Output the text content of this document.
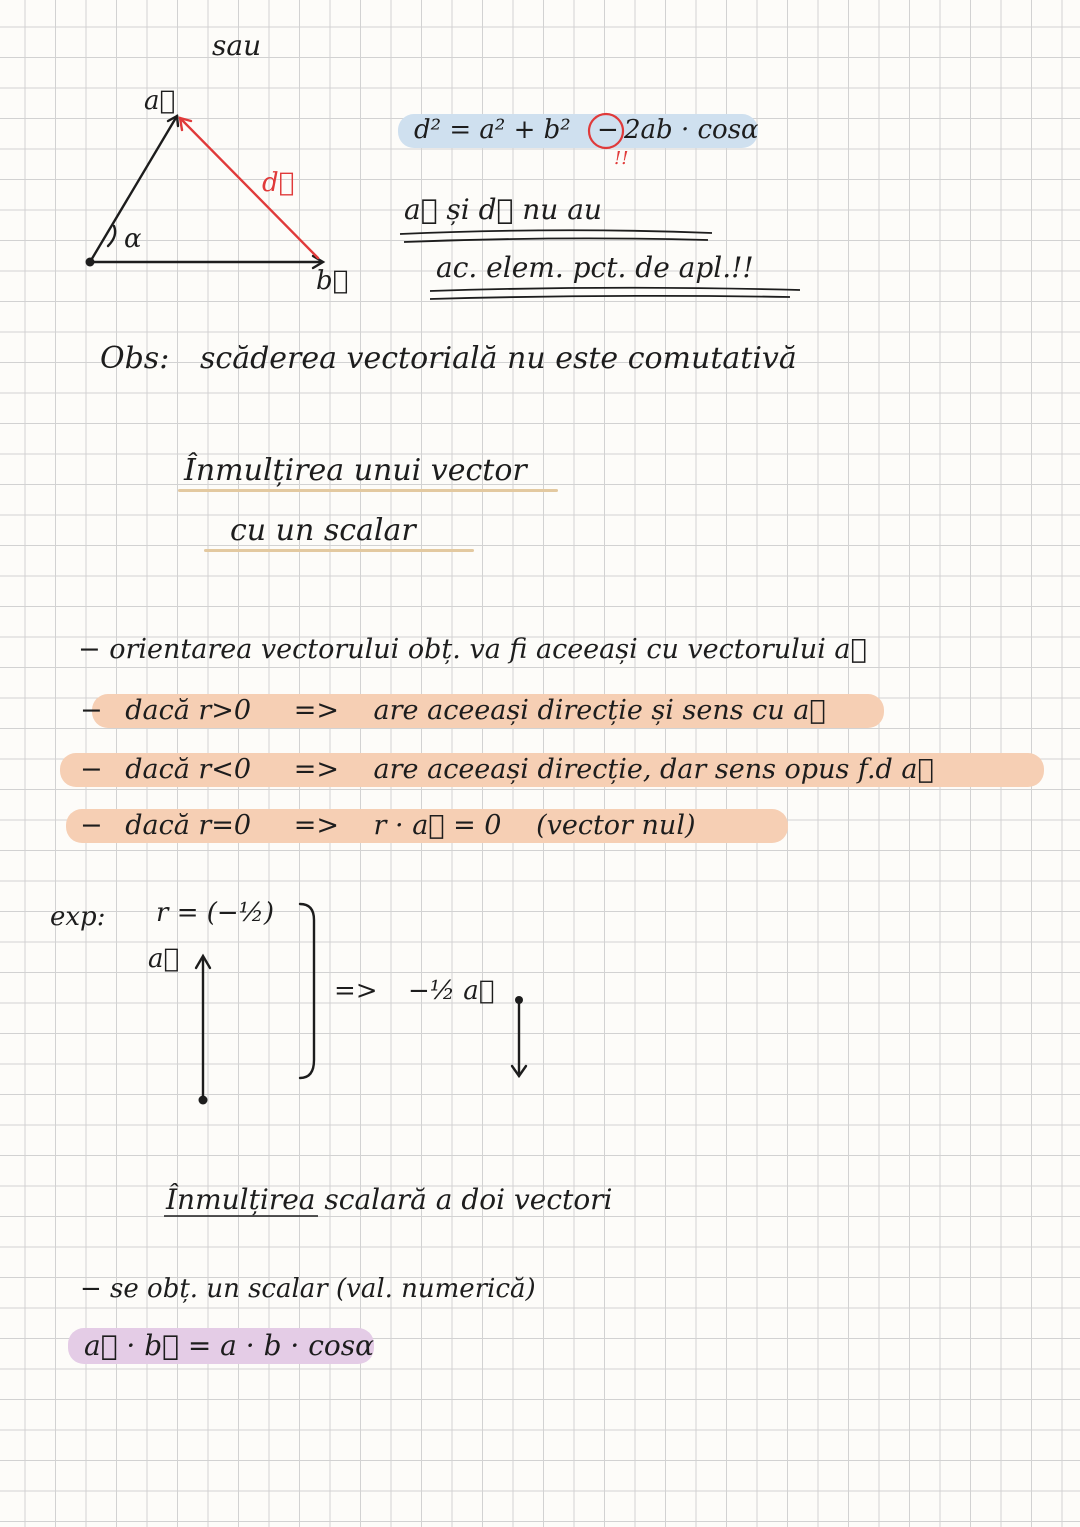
sau
a⃗
d⃗
b⃗
α
d² = a² + b² − 2ab · cosα
!!
a⃗ și d⃗ nu au
ac. elem. pct. de apl.!!
Obs: scăderea vectorială nu este comutativă
Înmulțirea unui vector
cu un scalar
− orientarea vectorului obț. va fi aceeași cu vectorului a⃗
− dacă r>0 => are aceeași direcție și sens cu a⃗
− dacă r<0 => are aceeași direcție, dar sens opus f.d a⃗
− dacă r=0 => r · a⃗ = 0 (vector nul)
exp: r = (−½)
a⃗
=> −½ a⃗
Înmulțirea scalară a doi vectori
− se obț. un scalar (val. numerică)
a⃗ · b⃗ = a · b · cosα
